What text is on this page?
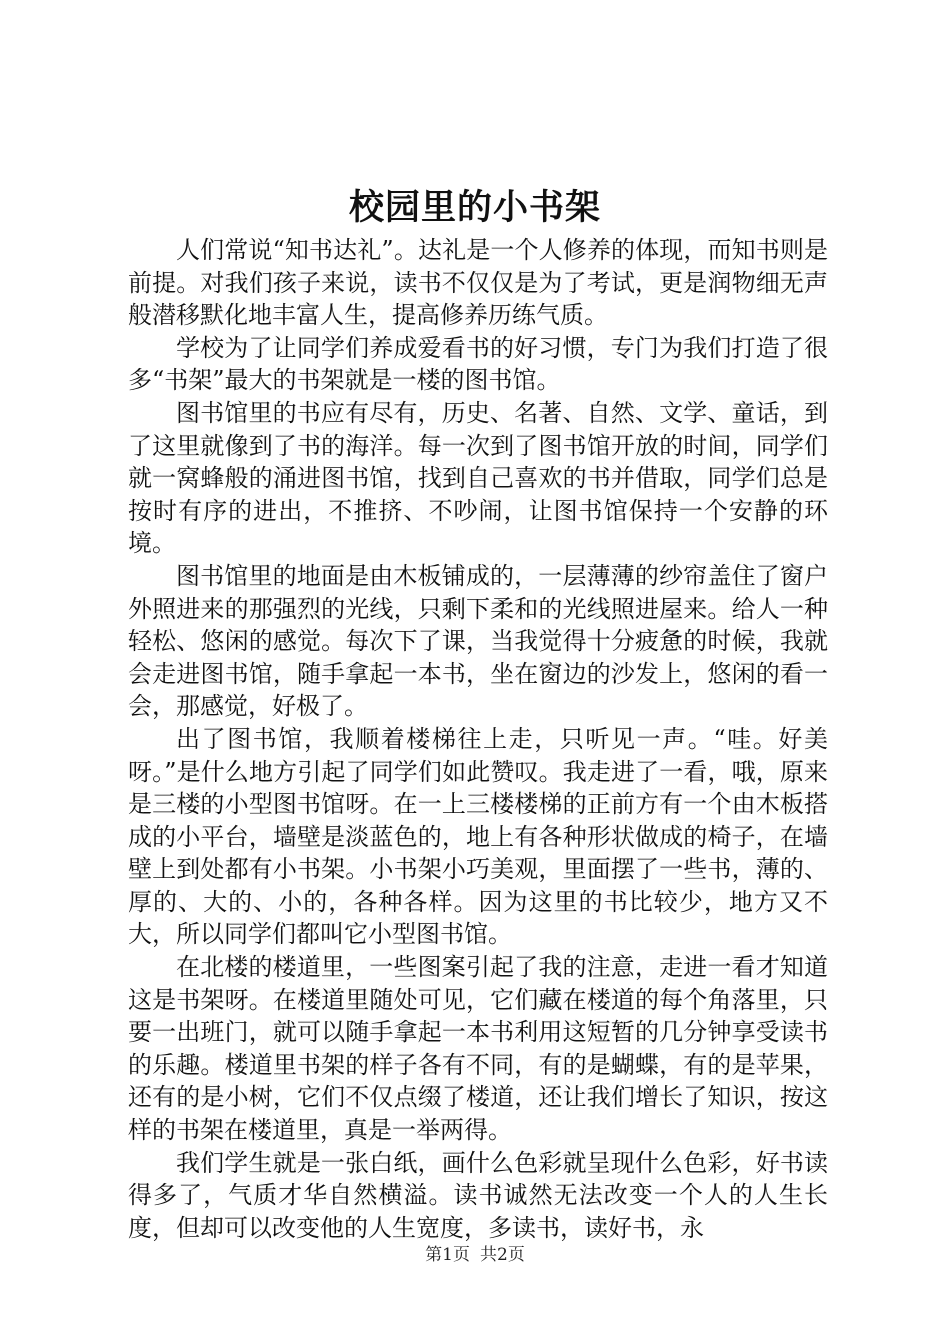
校园里的小书架

人们常说“知书达礼”。达礼是一个人修养的体现，而知书则是前提。对我们孩子来说，读书不仅仅是为了考试，更是润物细无声般潜移默化地丰富人生，提高修养历练气质。

学校为了让同学们养成爱看书的好习惯，专门为我们打造了很多“书架”最大的书架就是一楼的图书馆。

图书馆里的书应有尽有，历史、名著、自然、文学、童话，到了这里就像到了书的海洋。每一次到了图书馆开放的时间，同学们就一窝蜂般的涌进图书馆，找到自己喜欢的书并借取，同学们总是按时有序的进出，不推挤、不吵闹，让图书馆保持一个安静的环境。

图书馆里的地面是由木板铺成的，一层薄薄的纱帘盖住了窗户外照进来的那强烈的光线，只剩下柔和的光线照进屋来。给人一种轻松、悠闲的感觉。每次下了课，当我觉得十分疲惫的时候，我就会走进图书馆，随手拿起一本书，坐在窗边的沙发上，悠闲的看一会，那感觉，好极了。

出了图书馆，我顺着楼梯往上走，只听见一声。“哇。好美呀。”是什么地方引起了同学们如此赞叹。我走进了一看，哦，原来是三楼的小型图书馆呀。在一上三楼楼梯的正前方有一个由木板搭成的小平台，墙壁是淡蓝色的，地上有各种形状做成的椅子，在墙壁上到处都有小书架。小书架小巧美观，里面摆了一些书，薄的、厚的、大的、小的，各种各样。因为这里的书比较少，地方又不大，所以同学们都叫它小型图书馆。

在北楼的楼道里，一些图案引起了我的注意，走进一看才知道这是书架呀。在楼道里随处可见，它们藏在楼道的每个角落里，只要一出班门，就可以随手拿起一本书利用这短暂的几分钟享受读书的乐趣。楼道里书架的样子各有不同，有的是蝴蝶，有的是苹果，还有的是小树，它们不仅点缀了楼道，还让我们增长了知识，按这样的书架在楼道里，真是一举两得。

我们学生就是一张白纸，画什么色彩就呈现什么色彩，好书读得多了，气质才华自然横溢。读书诚然无法改变一个人的人生长度，但却可以改变他的人生宽度，多读书，读好书，永

第1页 共2页
